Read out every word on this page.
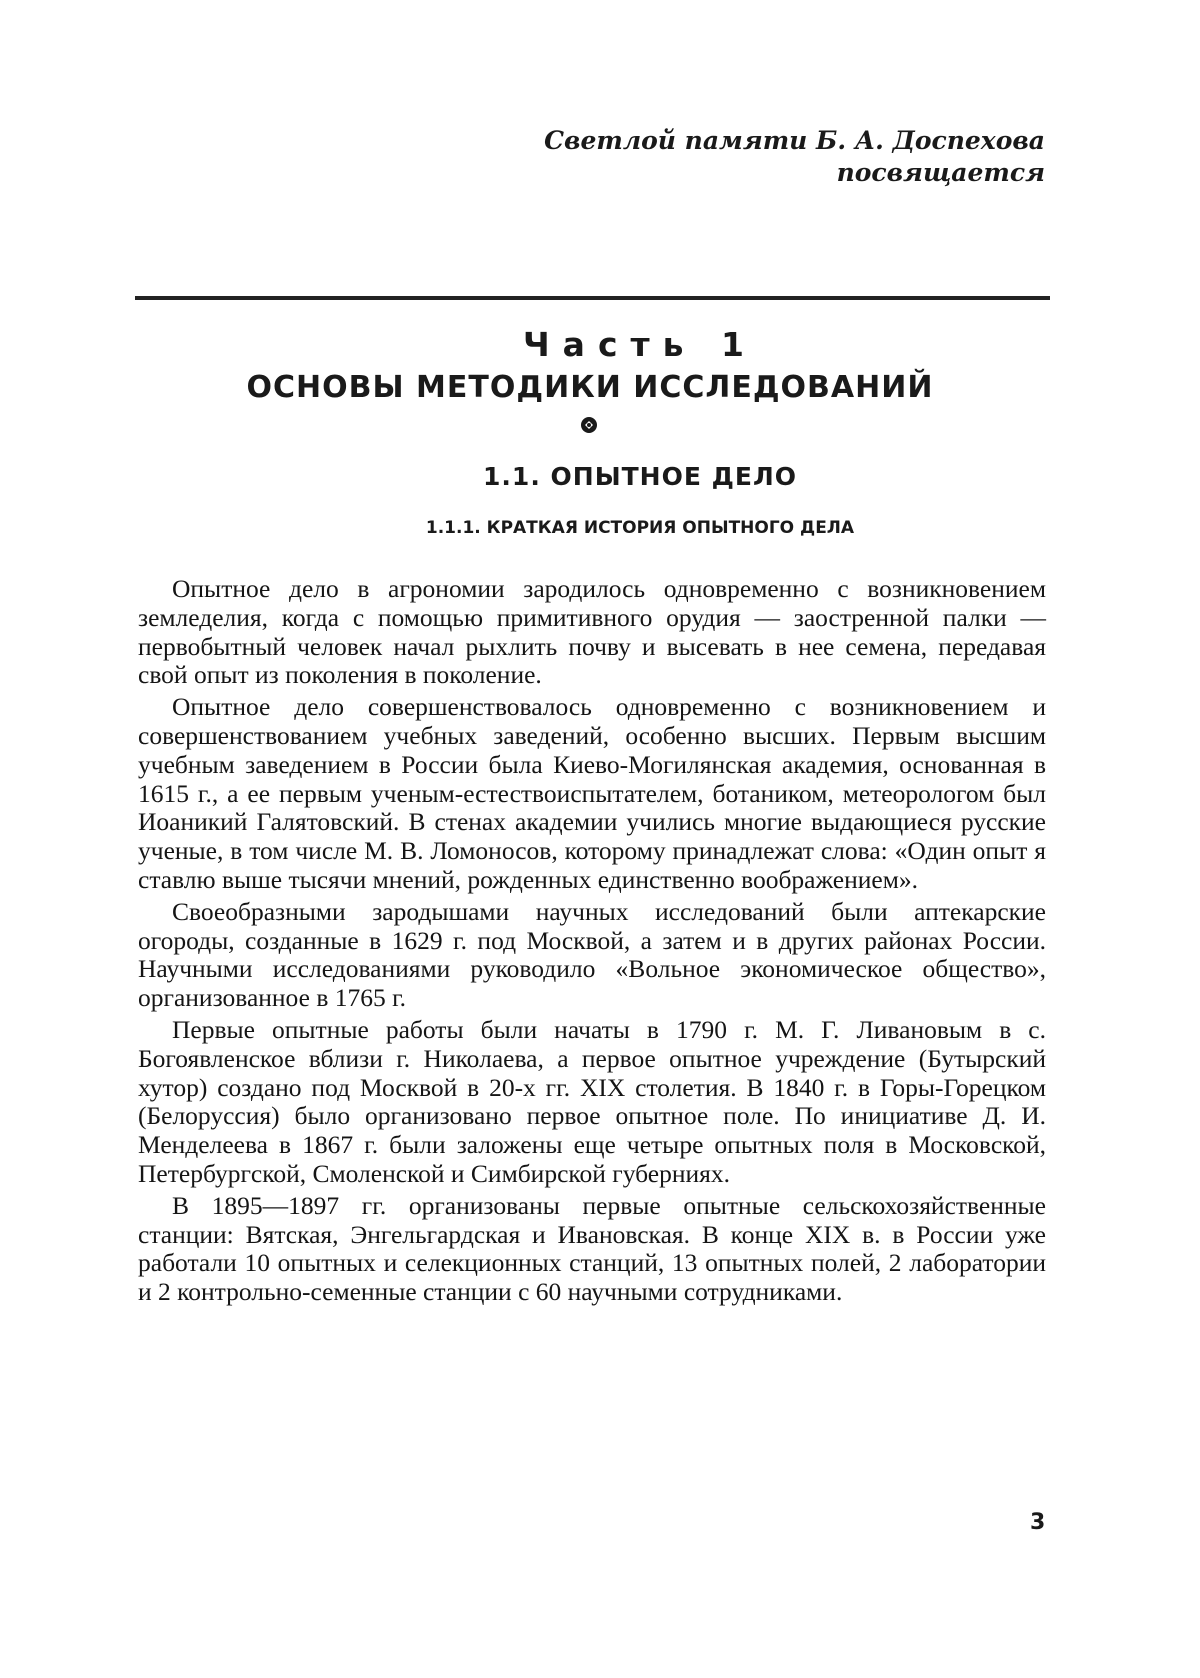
Светлой памяти Б. А. Доспехова
посвящается
Часть 1
ОСНОВЫ МЕТОДИКИ ИССЛЕДОВАНИЙ
1.1. ОПЫТНОЕ ДЕЛО
1.1.1. КРАТКАЯ ИСТОРИЯ ОПЫТНОГО ДЕЛА

Опытное дело в агрономии зародилось одновременно с возникновением земледелия, когда с помощью примитивного орудия — заостренной палки — первобытный человек начал рыхлить почву и высевать в нее семена, передавая свой опыт из поколения в поколение.

Опытное дело совершенствовалось одновременно с возникновением и совершенствованием учебных заведений, особенно высших. Первым высшим учебным заведением в России была Киево-Могилянская академия, основанная в 1615 г., а ее первым ученым-естествоиспытателем, ботаником, метеорологом был Иоаникий Галятовский. В стенах академии учились многие выдающиеся русские ученые, в том числе М. В. Ломоносов, которому принадлежат слова: «Один опыт я ставлю выше тысячи мнений, рожденных единственно воображением».

Своеобразными зародышами научных исследований были аптекарские огороды, созданные в 1629 г. под Москвой, а затем и в других районах России. Научными исследованиями руководило «Вольное экономическое общество», организованное в 1765 г.

Первые опытные работы были начаты в 1790 г. М. Г. Ливановым в с. Богоявленское вблизи г. Николаева, а первое опытное учреждение (Бутырский хутор) создано под Москвой в 20-х гг. XIX столетия. В 1840 г. в Горы-Горецком (Белоруссия) было организовано первое опытное поле. По инициативе Д. И. Менделеева в 1867 г. были заложены еще четыре опытных поля в Московской, Петербургской, Смоленской и Симбирской губерниях.

В 1895—1897 гг. организованы первые опытные сельскохозяйственные станции: Вятская, Энгельгардская и Ивановская. В конце XIX в. в России уже работали 10 опытных и селекционных станций, 13 опытных полей, 2 лаборатории и 2 контрольно-семенные станции с 60 научными сотрудниками.

3
